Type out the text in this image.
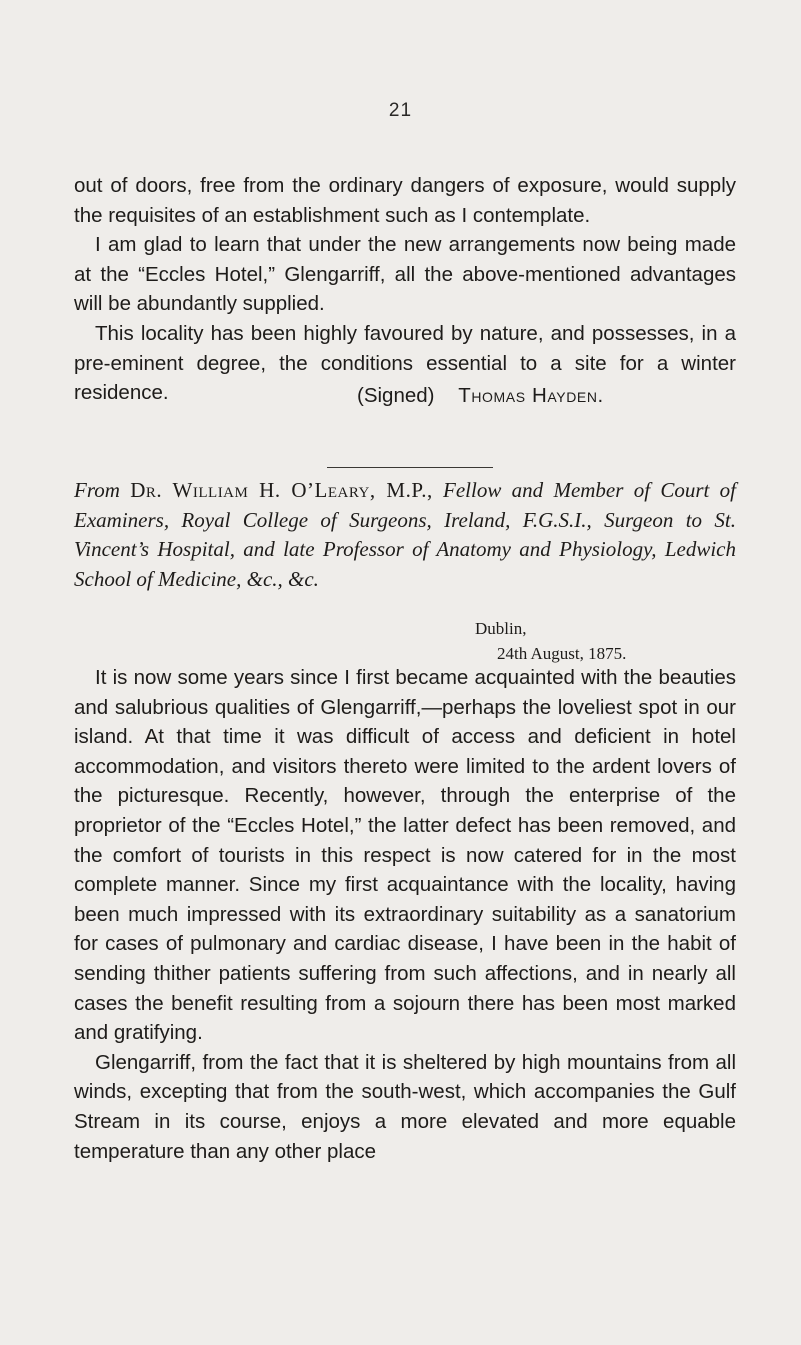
21

out of doors, free from the ordinary dangers of exposure, would supply the requisites of an establishment such as I contemplate.

I am glad to learn that under the new arrangements now being made at the “Eccles Hotel,” Glengarriff, all the above-mentioned advantages will be abundantly supplied.

This locality has been highly favoured by nature, and possesses, in a pre-eminent degree, the conditions essential to a site for a winter residence.	(Signed) Thomas Hayden.
From Dr. William H. O’Leary, M.P., Fellow and Member of Court of Examiners, Royal College of Surgeons, Ireland, F.G.S.I., Surgeon to St. Vincent’s Hospital, and late Professor of Anatomy and Physiology, Ledwich School of Medicine, &c., &c.
Dublin,
24th August, 1875.

It is now some years since I first became acquainted with the beauties and salubrious qualities of Glengarriff,—perhaps the loveliest spot in our island. At that time it was difficult of access and deficient in hotel accommodation, and visitors thereto were limited to the ardent lovers of the picturesque. Recently, however, through the enterprise of the proprietor of the “Eccles Hotel,” the latter defect has been removed, and the comfort of tourists in this respect is now catered for in the most complete manner. Since my first acquaintance with the locality, having been much impressed with its extraordinary suitability as a sanatorium for cases of pulmonary and cardiac disease, I have been in the habit of sending thither patients suffering from such affections, and in nearly all cases the benefit resulting from a sojourn there has been most marked and gratifying.

Glengarriff, from the fact that it is sheltered by high mountains from all winds, excepting that from the south-west, which accompanies the Gulf Stream in its course, enjoys a more elevated and more equable temperature than any other place
